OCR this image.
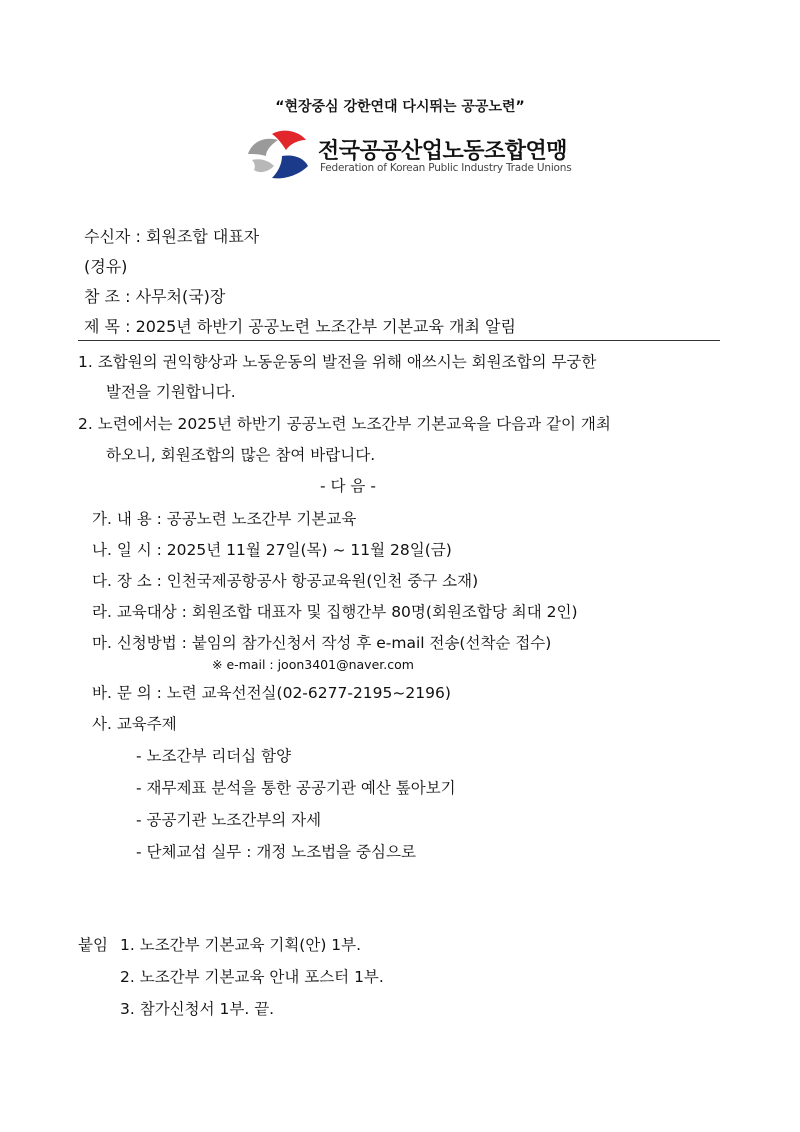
“현장중심 강한연대 다시뛰는 공공노련”
전국공공산업노동조합연맹
Federation of Korean Public Industry Trade Unions
수신자 : 회원조합 대표자
(경유)
참 조 : 사무처(국)장
제 목 : 2025년 하반기 공공노련 노조간부 기본교육 개최 알림
1. 조합원의 권익향상과 노동운동의 발전을 위해 애쓰시는 회원조합의 무궁한
발전을 기원합니다.
2. 노련에서는 2025년 하반기 공공노련 노조간부 기본교육을 다음과 같이 개최
하오니, 회원조합의 많은 참여 바랍니다.
- 다 음 -
가. 내 용 : 공공노련 노조간부 기본교육
나. 일 시 : 2025년 11월 27일(목) ~ 11월 28일(금)
다. 장 소 : 인천국제공항공사 항공교육원(인천 중구 소재)
라. 교육대상 : 회원조합 대표자 및 집행간부 80명(회원조합당 최대 2인)
마. 신청방법 : 붙임의 참가신청서 작성 후 e-mail 전송(선착순 접수)
※ e-mail : joon3401@naver.com
바. 문 의 : 노련 교육선전실(02-6277-2195~2196)
사. 교육주제
- 노조간부 리더십 함양
- 재무제표 분석을 통한 공공기관 예산 톺아보기
- 공공기관 노조간부의 자세
- 단체교섭 실무 : 개정 노조법을 중심으로
붙임 1. 노조간부 기본교육 기획(안) 1부.
2. 노조간부 기본교육 안내 포스터 1부.
3. 참가신청서 1부. 끝.
